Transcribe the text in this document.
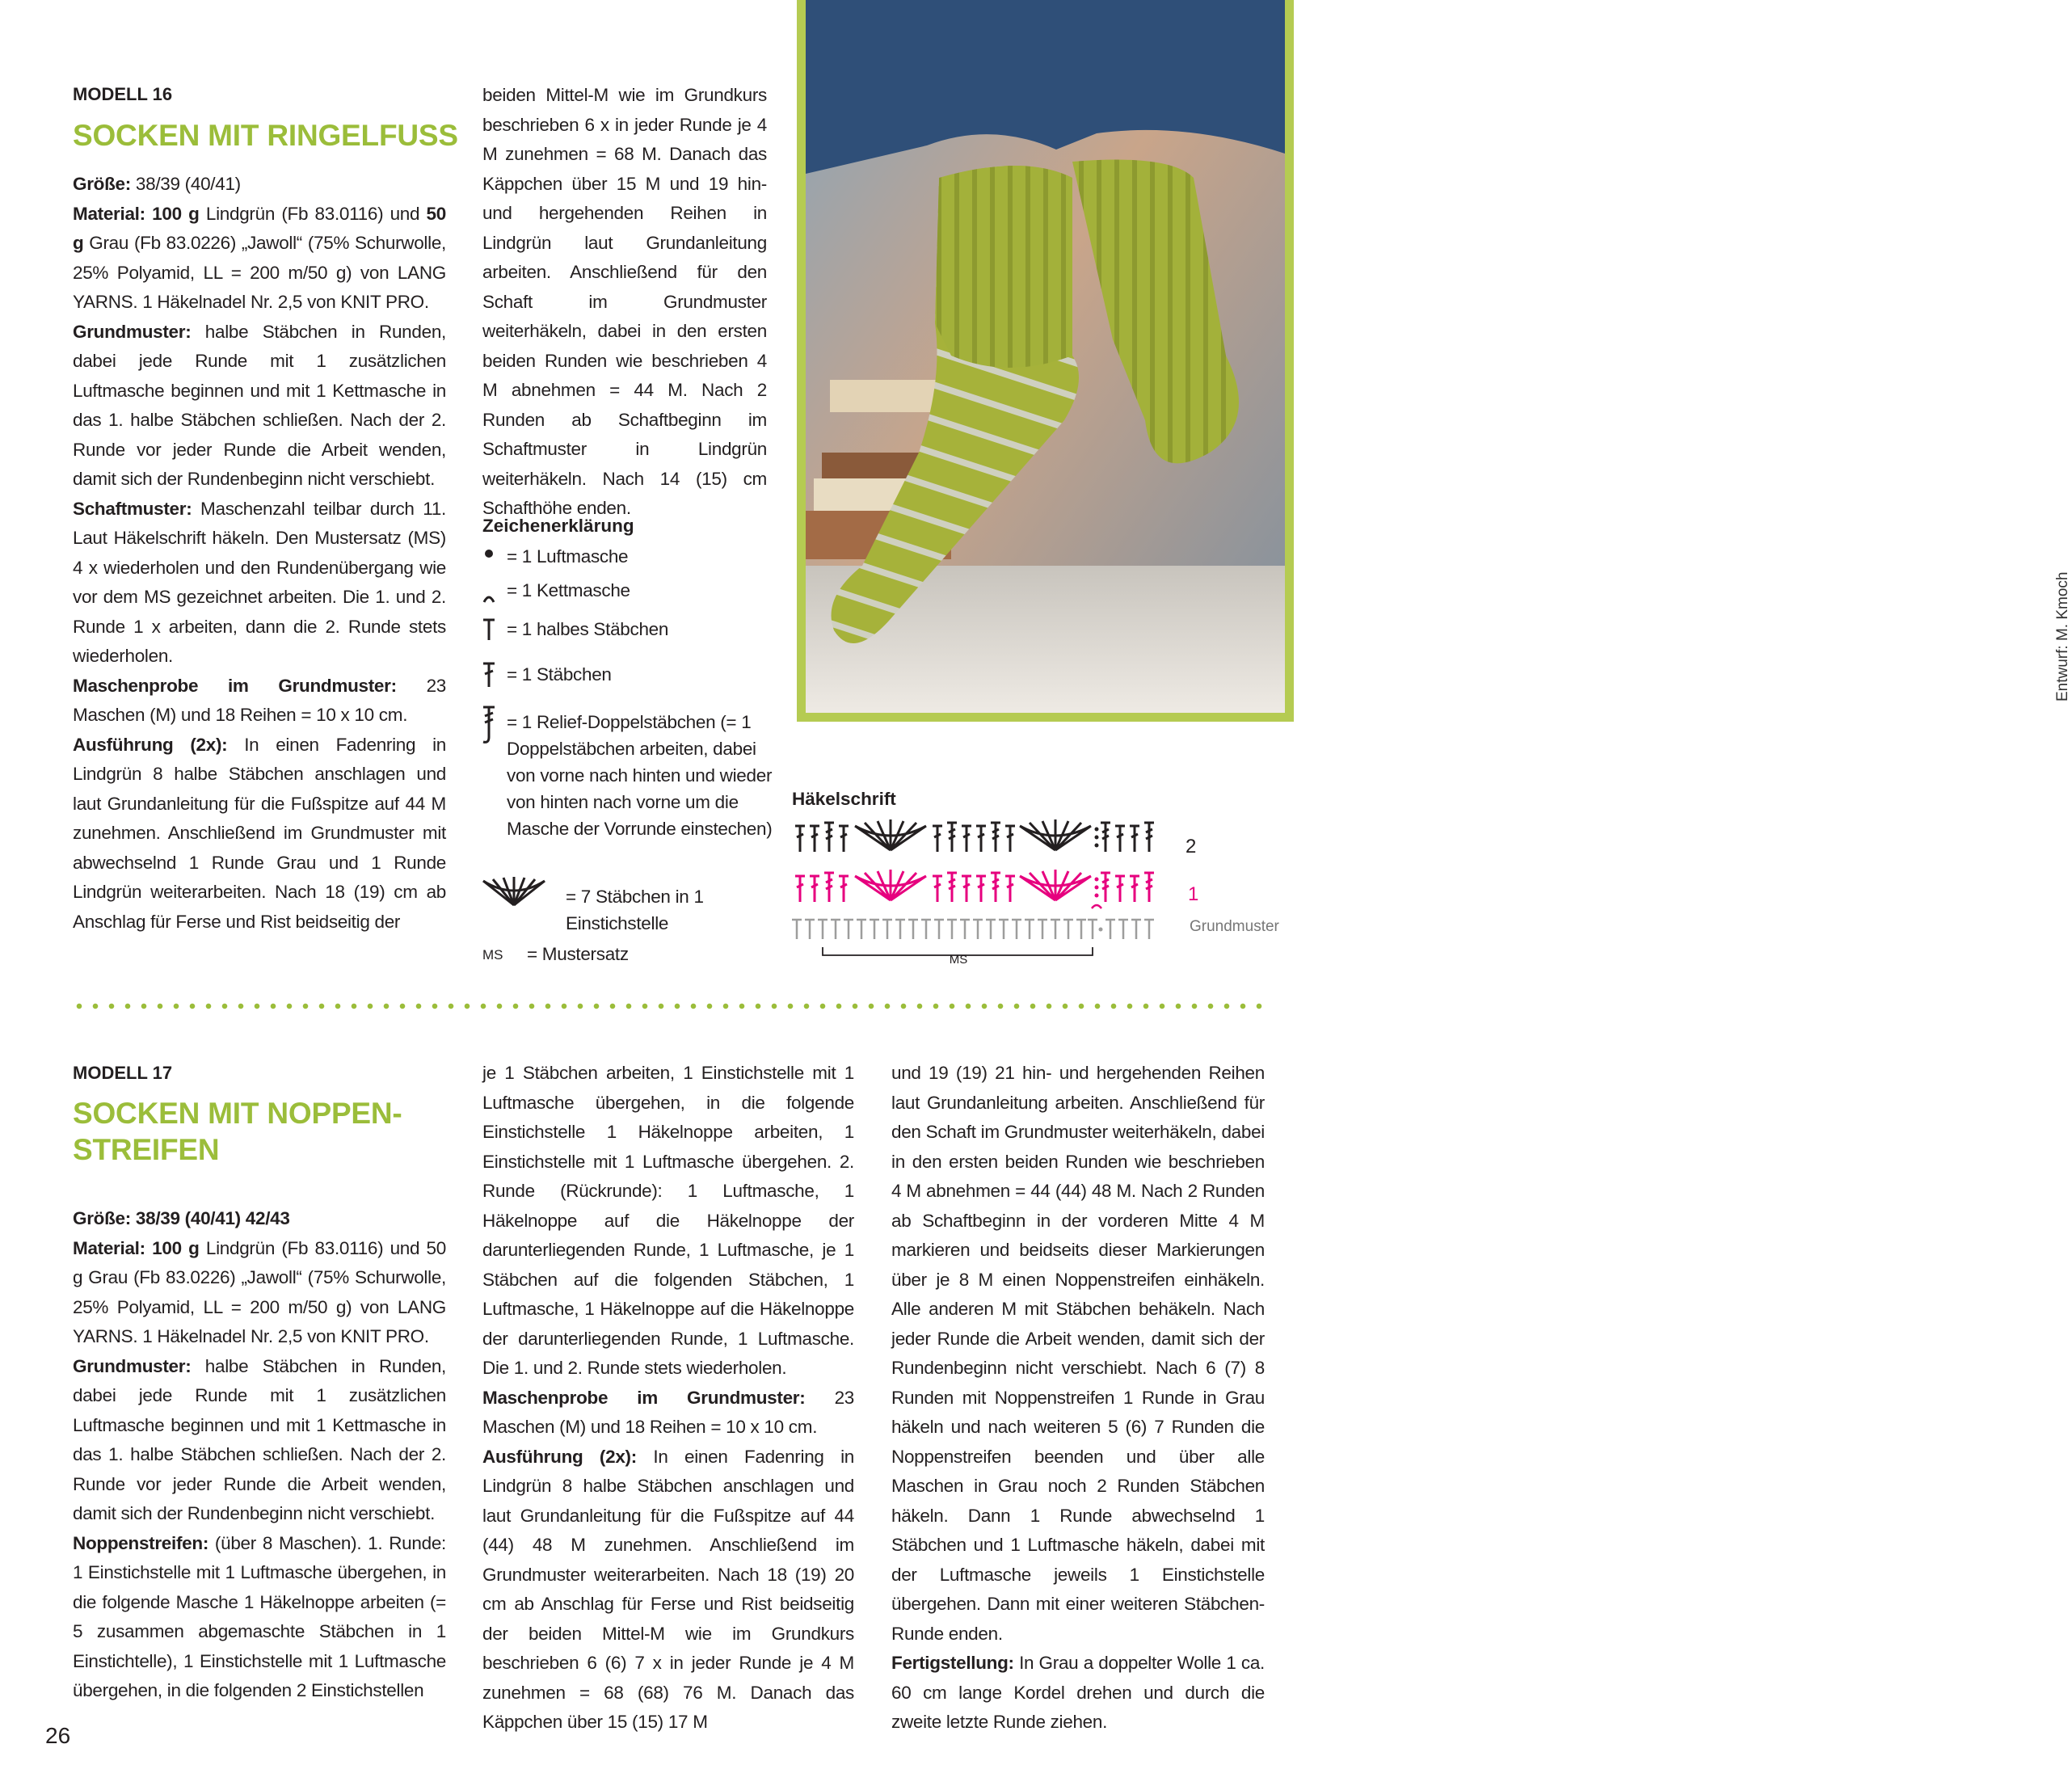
MODELL 16
SOCKEN MIT RINGELFUSS

Größe: 38/39 (40/41)

Material: 100 g Lindgrün (Fb 83.0116) und 50 g Grau (Fb 83.0226) „Jawoll“ (75% Schurwolle, 25% Polyamid, LL = 200 m/50 g) von LANG YARNS. 1 Häkelnadel Nr. 2,5 von KNIT PRO.

Grundmuster: halbe Stäbchen in Runden, dabei jede Runde mit 1 zusätzlichen Luftmasche beginnen und mit 1 Kettmasche in das 1. halbe Stäbchen schließen. Nach der 2. Runde vor jeder Runde die Arbeit wenden, damit sich der Rundenbeginn nicht verschiebt.

Schaftmuster: Maschenzahl teilbar durch 11. Laut Häkelschrift häkeln. Den Mustersatz (MS) 4 x wiederholen und den Rundenübergang wie vor dem MS gezeichnet arbeiten. Die 1. und 2. Runde 1 x arbeiten, dann die 2. Runde stets wiederholen.

Maschenprobe im Grundmuster: 23 Maschen (M) und 18 Reihen = 10 x 10 cm.

Ausführung (2x): In einen Fadenring in Lindgrün 8 halbe Stäbchen anschlagen und laut Grundanleitung für die Fußspitze auf 44 M zunehmen. Anschließend im Grundmuster mit abwechselnd 1 Runde Grau und 1 Runde Lindgrün weiterarbeiten. Nach 18 (19) cm ab Anschlag für Ferse und Rist beidseitig der

beiden Mittel-M wie im Grundkurs beschrieben 6 x in jeder Runde je 4 M zunehmen = 68 M. Danach das Käppchen über 15 M und 19 hin- und hergehenden Reihen in Lindgrün laut Grundanleitung arbeiten. Anschließend für den Schaft im Grundmuster weiterhäkeln, dabei in den ersten beiden Runden wie beschrieben 4 M abnehmen = 44 M. Nach 2 Runden ab Schaftbeginn im Schaftmuster in Lindgrün weiterhäkeln. Nach 14 (15) cm Schafthöhe enden.

Zeichenerklärung
= 1 Luftmasche
= 1 Kettmasche
= 1 halbes Stäbchen
= 1 Stäbchen
= 1 Relief-Doppelstäbchen (= 1 Doppelstäbchen arbeiten, dabei von vorne nach hinten und wieder von hinten nach vorne um die Masche der Vorrunde einstechen)
= 7 Stäbchen in 1 Einstichstelle
MS = Mustersatz
Entwurf: M. Kmoch
Häkelschrift
MS
2
1
Grundmuster
MODELL 17
SOCKEN MIT NOPPEN-
STREIFEN

Größe: 38/39 (40/41) 42/43

Material: 100 g Lindgrün (Fb 83.0116) und 50 g Grau (Fb 83.0226) „Jawoll“ (75% Schurwolle, 25% Polyamid, LL = 200 m/50 g) von LANG YARNS. 1 Häkelnadel Nr. 2,5 von KNIT PRO.

Grundmuster: halbe Stäbchen in Runden, dabei jede Runde mit 1 zusätzlichen Luftmasche beginnen und mit 1 Kettmasche in das 1. halbe Stäbchen schließen. Nach der 2. Runde vor jeder Runde die Arbeit wenden, damit sich der Rundenbeginn nicht verschiebt.

Noppenstreifen: (über 8 Maschen). 1. Runde: 1 Einstichstelle mit 1 Luftmasche übergehen, in die folgende Masche 1 Häkelnoppe arbeiten (= 5 zusammen abgemaschte Stäbchen in 1 Einstichtelle), 1 Einstichstelle mit 1 Luftmasche übergehen, in die folgenden 2 Einstichstellen

je 1 Stäbchen arbeiten, 1 Einstichstelle mit 1 Luftmasche übergehen, in die folgende Einstichstelle 1 Häkelnoppe arbeiten, 1 Einstichstelle mit 1 Luftmasche übergehen. 2. Runde (Rückrunde): 1 Luftmasche, 1 Häkelnoppe auf die Häkelnoppe der darunterliegenden Runde, 1 Luftmasche, je 1 Stäbchen auf die folgenden Stäbchen, 1 Luftmasche, 1 Häkelnoppe auf die Häkelnoppe der darunterliegenden Runde, 1 Luftmasche. Die 1. und 2. Runde stets wiederholen.

Maschenprobe im Grundmuster: 23 Maschen (M) und 18 Reihen = 10 x 10 cm.

Ausführung (2x): In einen Fadenring in Lindgrün 8 halbe Stäbchen anschlagen und laut Grundanleitung für die Fußspitze auf 44 (44) 48 M zunehmen. Anschließend im Grundmuster weiterarbeiten. Nach 18 (19) 20 cm ab Anschlag für Ferse und Rist beidseitig der beiden Mittel-M wie im Grundkurs beschrieben 6 (6) 7 x in jeder Runde je 4 M zunehmen = 68 (68) 76 M. Danach das Käppchen über 15 (15) 17 M

und 19 (19) 21 hin- und hergehenden Reihen laut Grundanleitung arbeiten. Anschließend für den Schaft im Grundmuster weiterhäkeln, dabei in den ersten beiden Runden wie beschrieben 4 M abnehmen = 44 (44) 48 M. Nach 2 Runden ab Schaftbeginn in der vorderen Mitte 4 M markieren und beidseits dieser Markierungen über je 8 M einen Noppenstreifen einhäkeln. Alle anderen M mit Stäbchen behäkeln. Nach jeder Runde die Arbeit wenden, damit sich der Rundenbeginn nicht verschiebt. Nach 6 (7) 8 Runden mit Noppenstreifen 1 Runde in Grau häkeln und nach weiteren 5 (6) 7 Runden die Noppenstreifen beenden und über alle Maschen in Grau noch 2 Runden Stäbchen häkeln. Dann 1 Runde abwechselnd 1 Stäbchen und 1 Luftmasche häkeln, dabei mit der Luftmasche jeweils 1 Einstichstelle übergehen. Dann mit einer weiteren Stäbchen-Runde enden.

Fertigstellung: In Grau a doppelter Wolle 1 ca. 60 cm lange Kordel drehen und durch die zweite letzte Runde ziehen.

26
